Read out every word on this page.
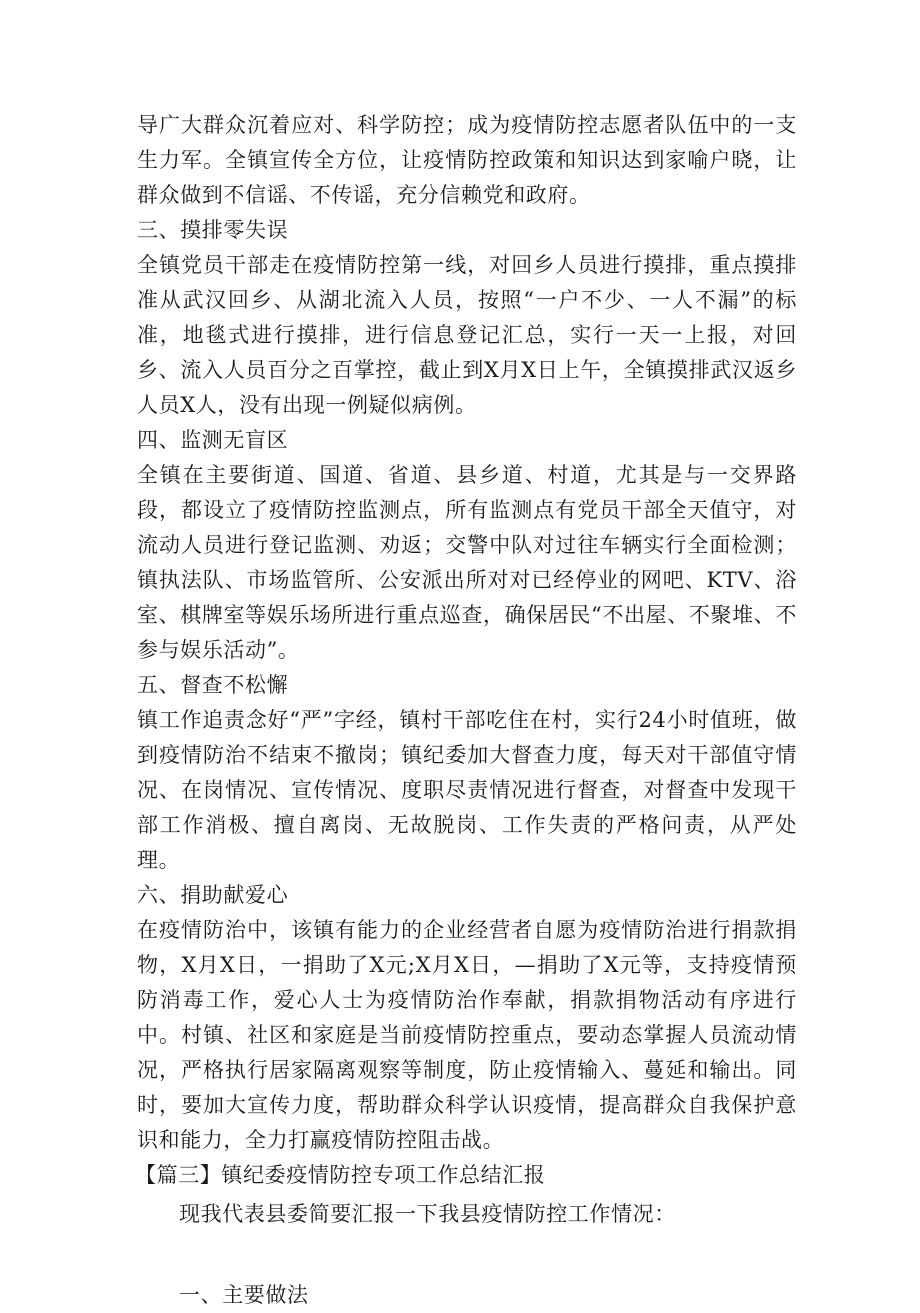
导广大群众沉着应对、科学防控；成为疫情防控志愿者队伍中的一支生力军。全镇宣传全方位，让疫情防控政策和知识达到家喻户晓，让群众做到不信谣、不传谣，充分信赖党和政府。

三、摸排零失误

全镇党员干部走在疫情防控第一线，对回乡人员进行摸排，重点摸排准从武汉回乡、从湖北流入人员，按照“一户不少、一人不漏”的标准，地毯式进行摸排，进行信息登记汇总，实行一天一上报，对回乡、流入人员百分之百掌控，截止到X月X日上午，全镇摸排武汉返乡人员X人，没有出现一例疑似病例。

四、监测无盲区

全镇在主要街道、国道、省道、县乡道、村道，尤其是与一交界路段，都设立了疫情防控监测点，所有监测点有党员干部全天值守，对流动人员进行登记监测、劝返；交警中队对过往车辆实行全面检测；镇执法队、市场监管所、公安派出所对对已经停业的网吧、KTV、浴室、棋牌室等娱乐场所进行重点巡查，确保居民“不出屋、不聚堆、不参与娱乐活动”。

五、督查不松懈

镇工作追责念好“严”字经，镇村干部吃住在村，实行24小时值班，做到疫情防治不结束不撤岗；镇纪委加大督查力度，每天对干部值守情况、在岗情况、宣传情况、度职尽责情况进行督查，对督查中发现干部工作消极、擅自离岗、无故脱岗、工作失责的严格问责，从严处理。

六、捐助献爱心

在疫情防治中，该镇有能力的企业经营者自愿为疫情防治进行捐款捐物，X月X日，一捐助了X元;X月X日，—捐助了X元等，支持疫情预防消毒工作，爱心人士为疫情防治作奉献，捐款捐物活动有序进行中。村镇、社区和家庭是当前疫情防控重点，要动态掌握人员流动情况，严格执行居家隔离观察等制度，防止疫情输入、蔓延和输出。同时，要加大宣传力度，帮助群众科学认识疫情，提高群众自我保护意识和能力，全力打赢疫情防控阻击战。

【篇三】镇纪委疫情防控专项工作总结汇报

现我代表县委简要汇报一下我县疫情防控工作情况：

一、主要做法
